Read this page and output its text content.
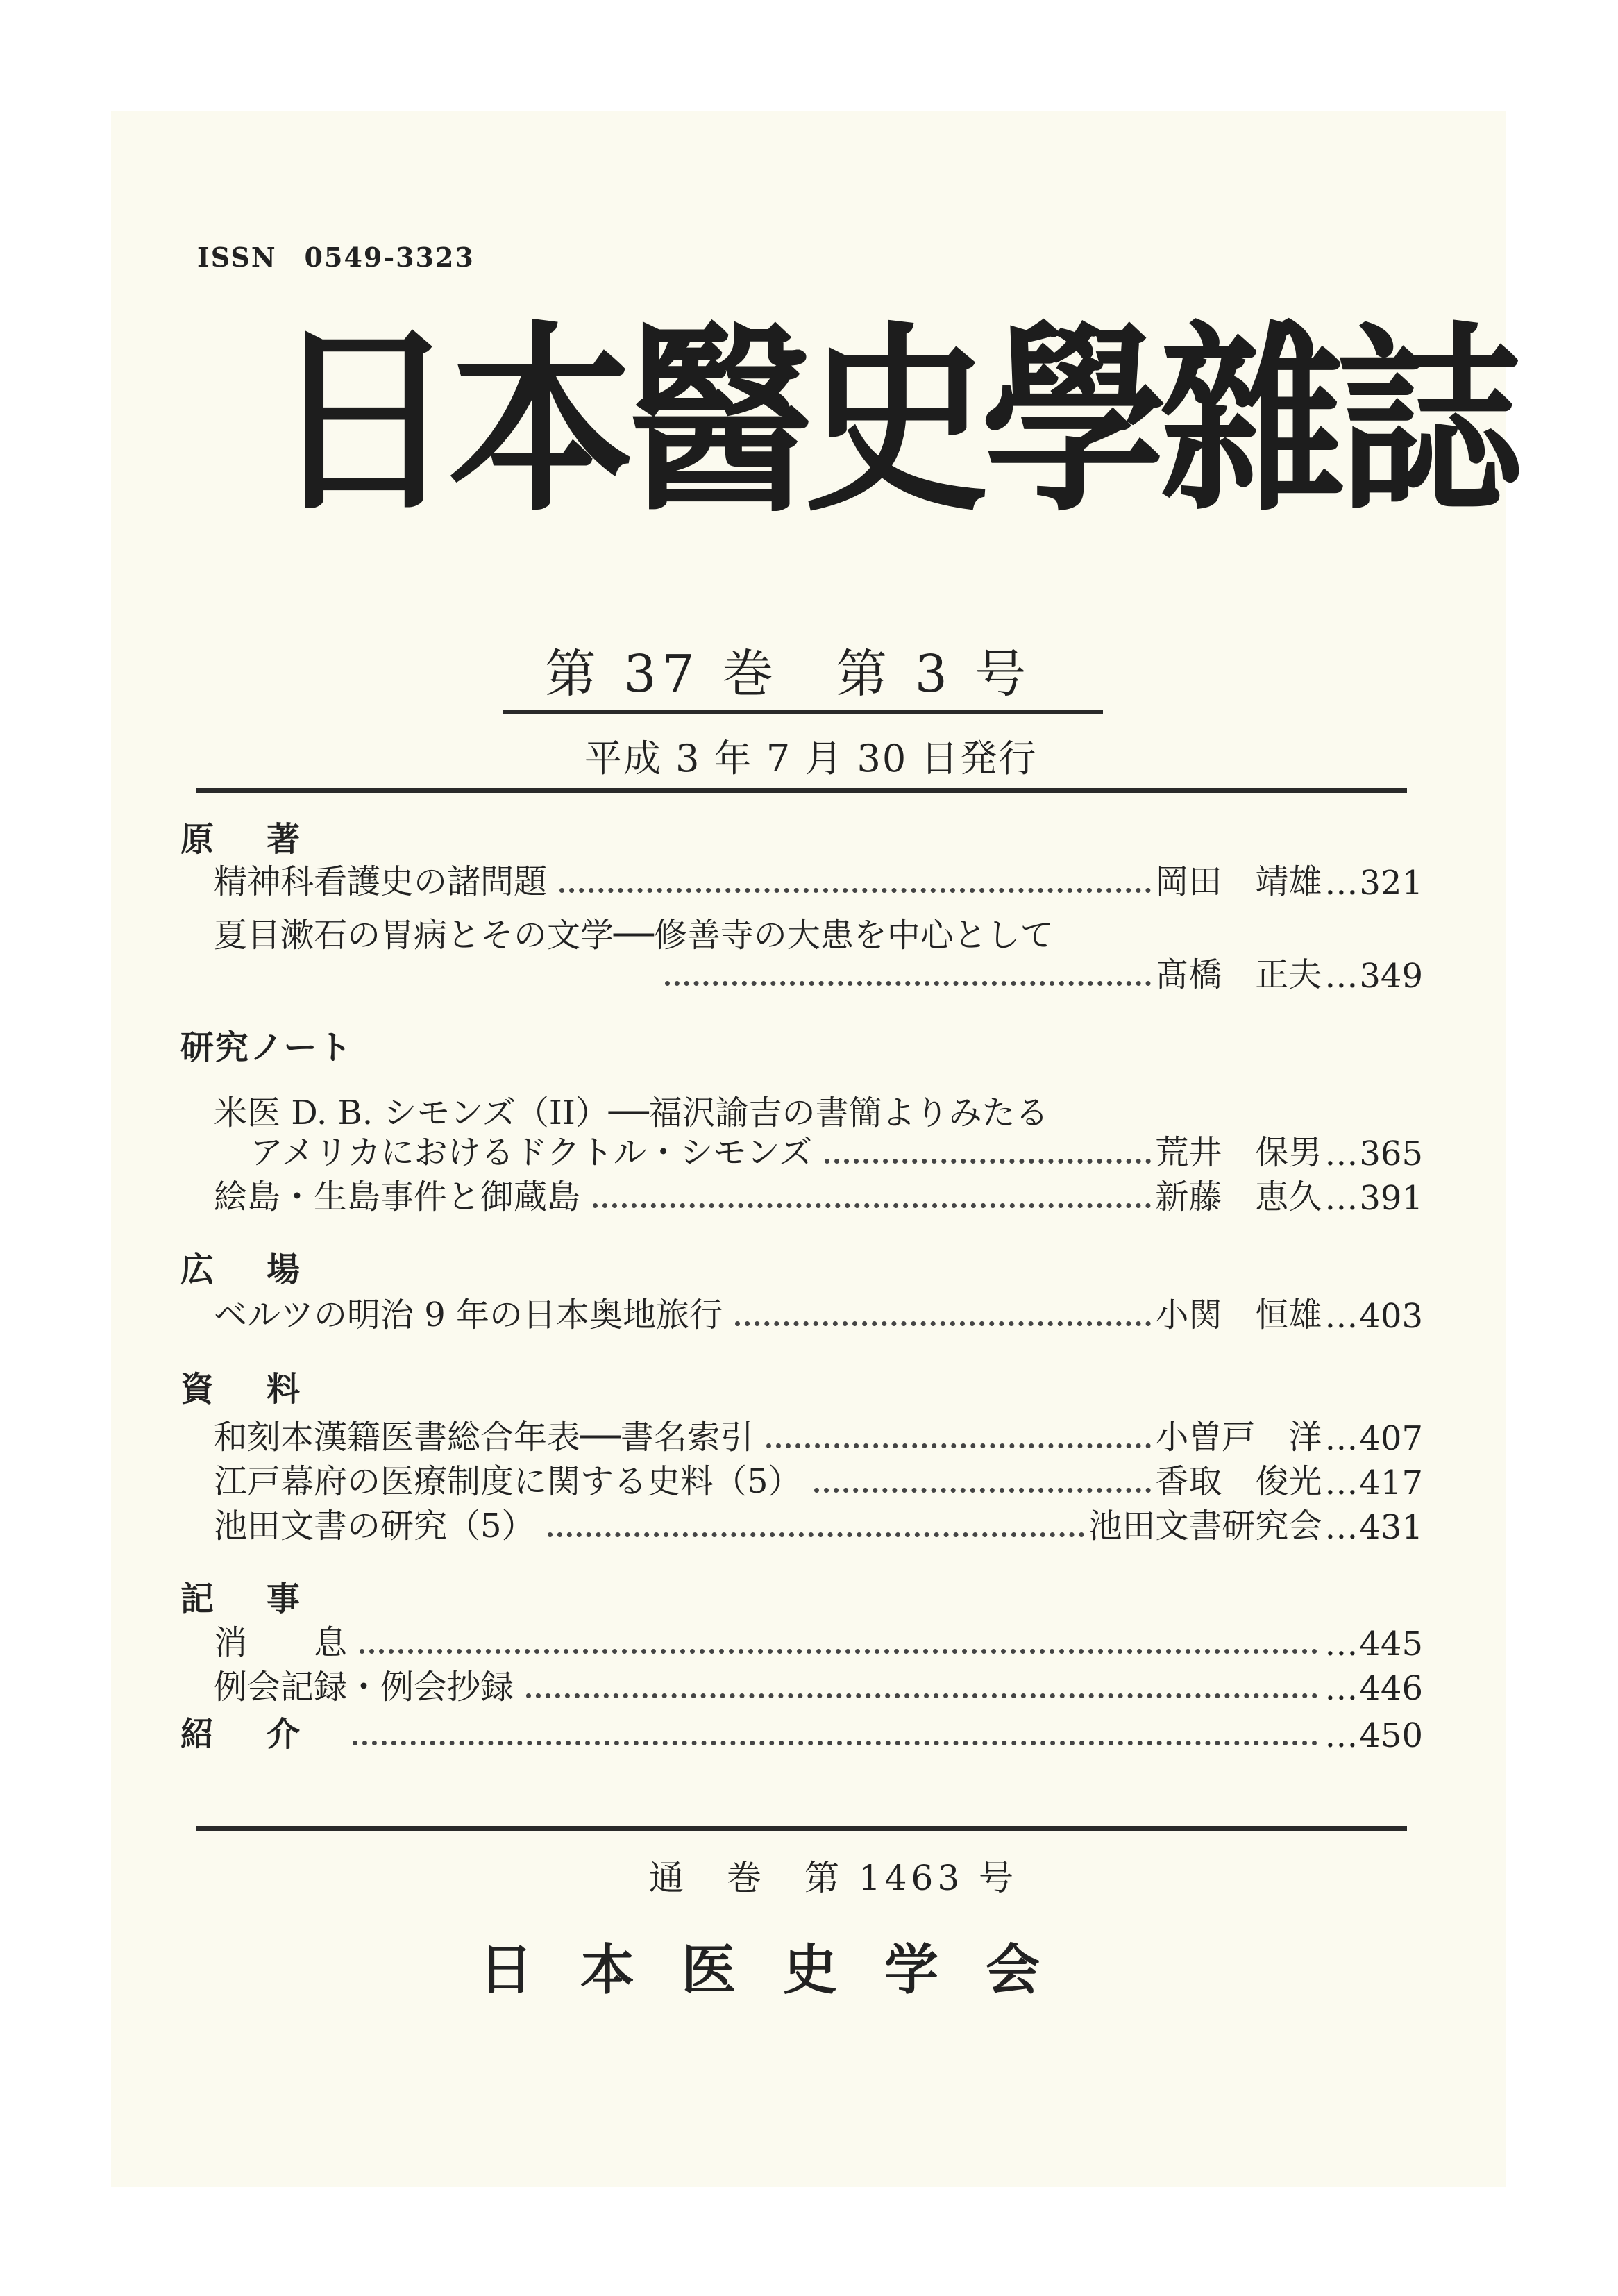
ISSN　0549-3323
日本醫史學雜誌
第 37 巻　第 3 号
平成 3 年 7 月 30 日発行
原著
精神科看護史の諸問題	岡田　靖雄	… 321
夏目漱石の胃病とその文学──修善寺の大患を中心として
髙橋　正夫	… 349
研究ノート
米医 D. B. シモンズ（II）──福沢諭吉の書簡よりみたる
アメリカにおけるドクトル・シモンズ	荒井　保男	… 365
絵島・生島事件と御蔵島	新藤　恵久	… 391
広場
ベルツの明治 9 年の日本奥地旅行	小関　恒雄	… 403
資料
和刻本漢籍医書総合年表──書名索引	小曽戸　洋	… 407
江戸幕府の医療制度に関する史料（5）	香取　俊光	… 417
池田文書の研究（5）	池田文書研究会	… 431
記事
消　　息	… 445
例会記録・例会抄録	… 446
紹介	… 450
通　巻　第 1463 号
日本医史学会
